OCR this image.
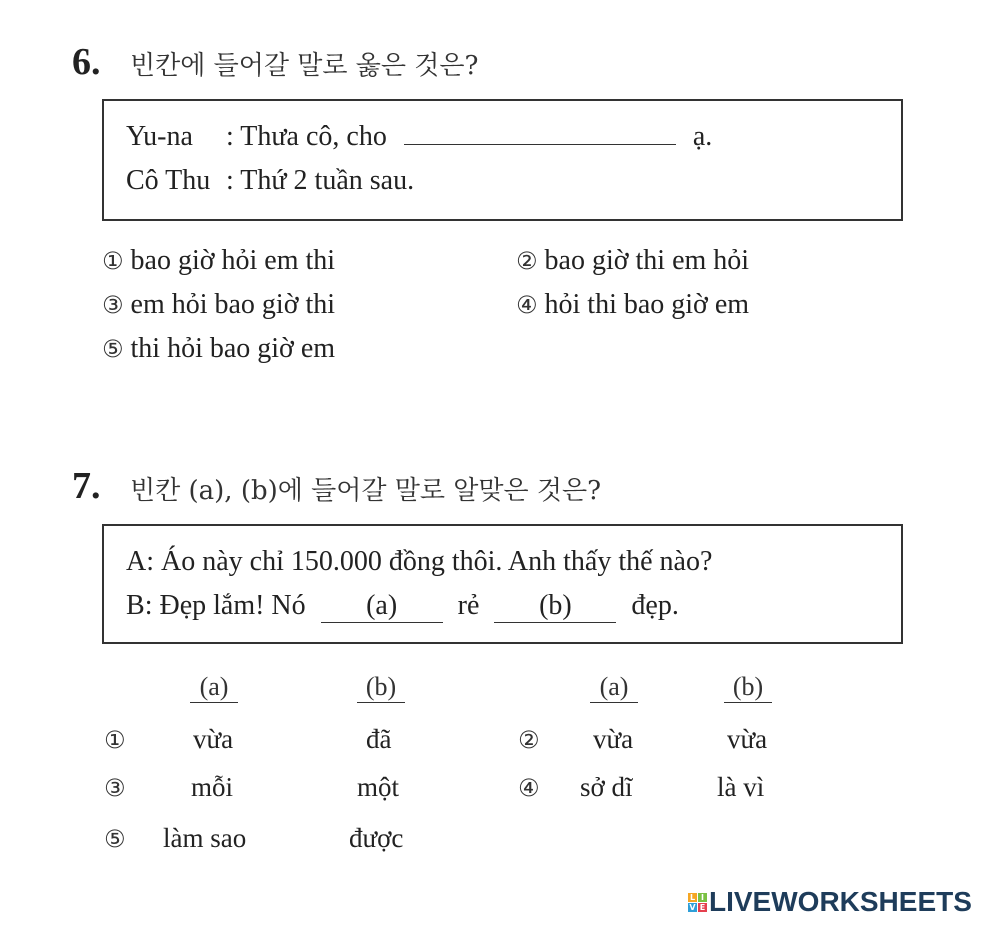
6. 빈칸에 들어갈 말로 옳은 것은?
Yu-na : Thưa cô, cho	ạ.
Cô Thu : Thứ 2 tuần sau.
① bao giờ hỏi em thi	② bao giờ thi em hỏi
③ em hỏi bao giờ thi	④ hỏi thi bao giờ em
⑤ thi hỏi bao giờ em
7. 빈칸 (a), (b)에 들어갈 말로 알맞은 것은?
A: Áo này chỉ 150.000 đồng thôi. Anh thấy thế nào?
B: Đẹp lắm! Nó (a) rẻ (b) đẹp.
(a)	(b)	(a)	(b)
① vừa	đã	② vừa	vừa
③ mỗi	một	④ sở dĩ	là vì
⑤ làm sao	được
L I
V E LIVEWORKSHEETS
